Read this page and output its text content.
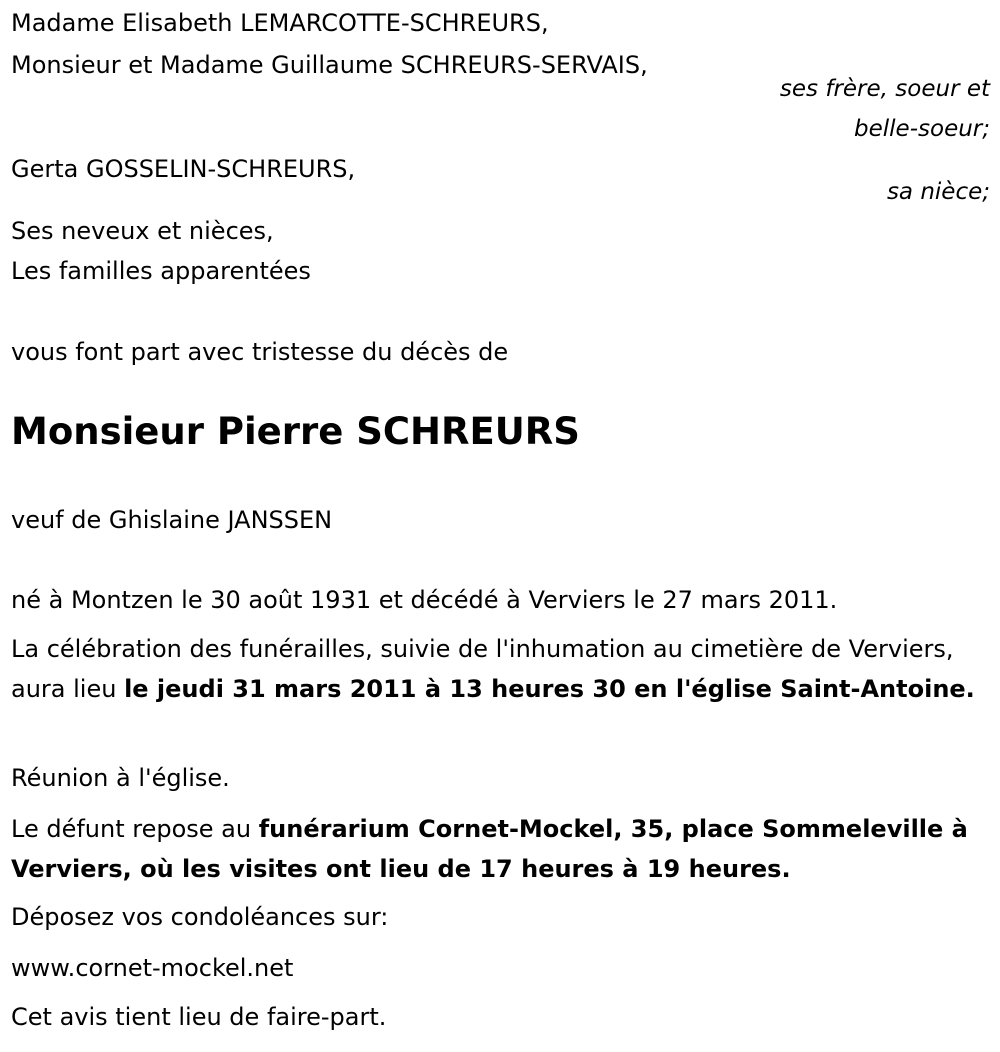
Madame Elisabeth LEMARCOTTE-SCHREURS,

Monsieur et Madame Guillaume SCHREURS-SERVAIS,

ses frère, soeur et

belle-soeur;

Gerta GOSSELIN-SCHREURS,

sa nièce;

Ses neveux et nièces,

Les familles apparentées

vous font part avec tristesse du décès de

Monsieur Pierre SCHREURS

veuf de Ghislaine JANSSEN

né à Montzen le 30 août 1931 et décédé à Verviers le 27 mars 2011.

La célébration des funérailles, suivie de l'inhumation au cimetière de Verviers, aura lieu le jeudi 31 mars 2011 à 13 heures 30 en l'église Saint-Antoine.

Réunion à l'église.

Le défunt repose au funérarium Cornet-Mockel, 35, place Sommeleville à Verviers, où les visites ont lieu de 17 heures à 19 heures.

Déposez vos condoléances sur:

www.cornet-mockel.net

Cet avis tient lieu de faire-part.
